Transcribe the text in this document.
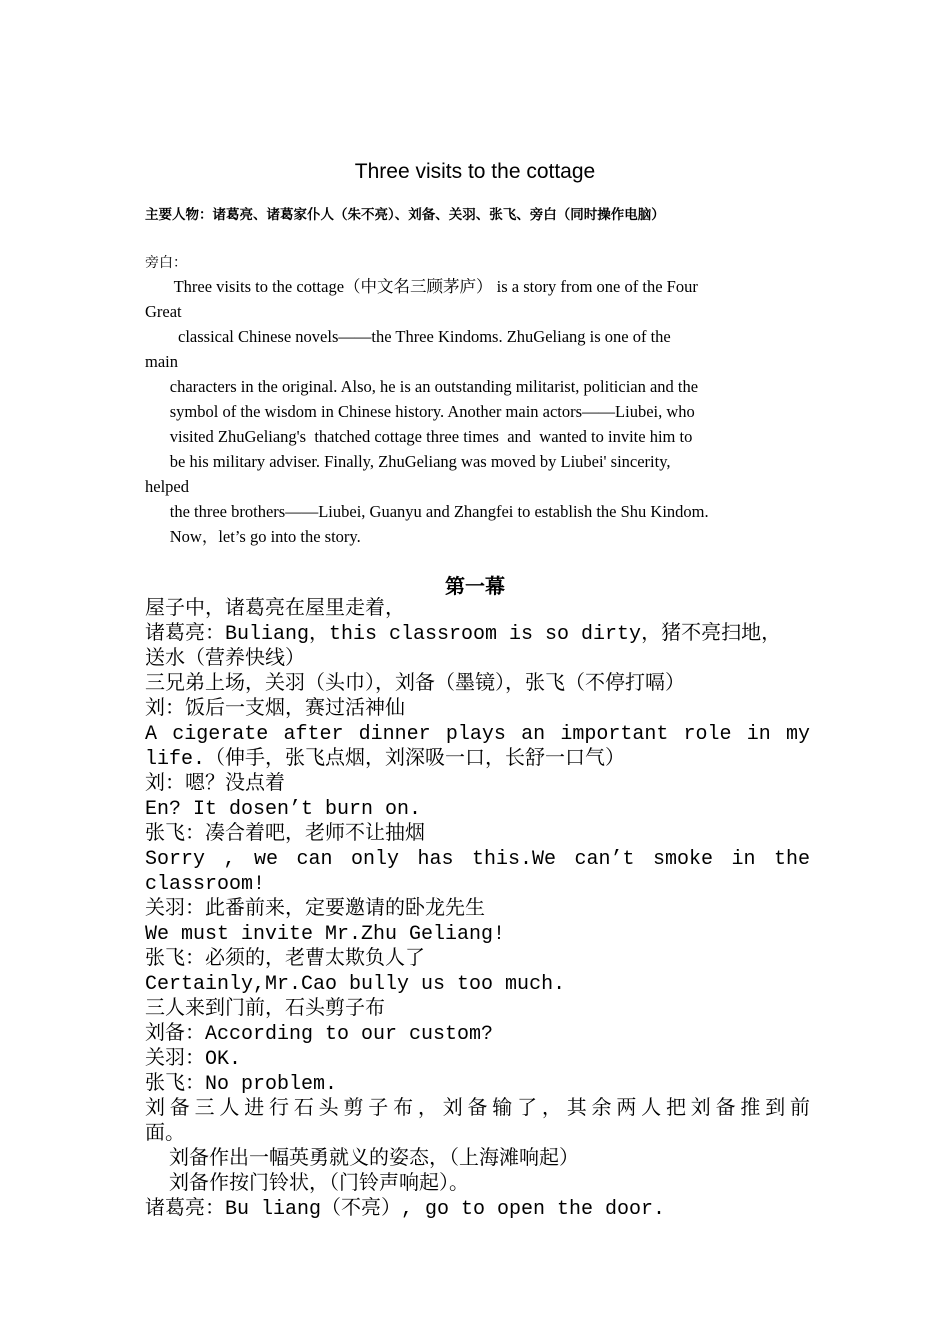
Three visits to the cottage
主要人物：诸葛亮、诸葛家仆人（朱不亮）、刘备、关羽、张飞、旁白（同时操作电脑）
旁白：
Three visits to the cottage（中文名三顾茅庐） is a story from one of the Four
Great
classical Chinese novels——the Three Kindoms. ZhuGeliang is one of the
main
characters in the original. Also, he is an outstanding militarist, politician and the
symbol of the wisdom in Chinese history. Another main actors——Liubei, who
visited ZhuGeliang's  thatched cottage three times  and  wanted to invite him to
be his military adviser. Finally, ZhuGeliang was moved by Liubei' sincerity,
helped
the three brothers——Liubei, Guanyu and Zhangfei to establish the Shu Kindom.
Now，let’s go into the story.
第一幕
屋子中，诸葛亮在屋里走着，
诸葛亮：Buliang，this classroom is so dirty，猪不亮扫地，
送水（营养快线）
三兄弟上场，关羽（头巾），刘备（墨镜），张飞（不停打嗝）
刘：饭后一支烟，赛过活神仙
A cigerate after dinner plays an important role in my
life.（伸手，张飞点烟，刘深吸一口，长舒一口气）
刘：嗯？没点着
En? It dosen’t burn on.
张飞：凑合着吧，老师不让抽烟
Sorry , we can only has this.We can’t smoke in the
classroom!
关羽：此番前来，定要邀请的卧龙先生
We must invite Mr.Zhu Geliang!
张飞：必须的，老曹太欺负人了
Certainly,Mr.Cao bully us too much.
三人来到门前，石头剪子布
刘备：According to our custom?
关羽：OK.
张飞：No problem.
刘备三人进行石头剪子布，刘备输了，其余两人把刘备推到前
面。
刘备作出一幅英勇就义的姿态，（上海滩响起）
刘备作按门铃状，（门铃声响起）。
诸葛亮：Bu liang（不亮）, go to open the door.
